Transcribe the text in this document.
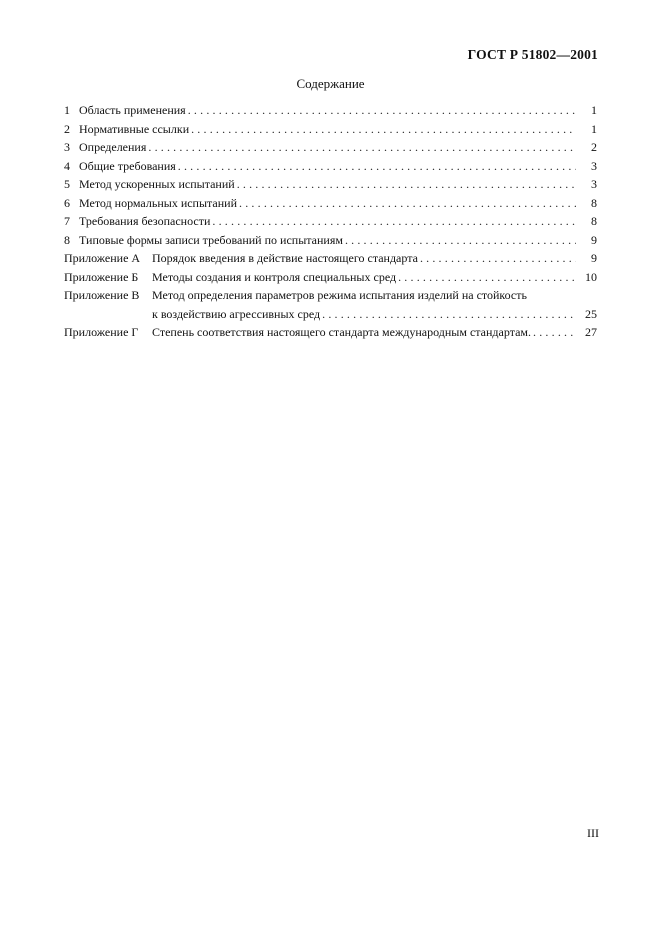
ГОСТ Р 51802—2001
Содержание
1 Область применения .....	1
2 Нормативные ссылки .....	1
3 Определения .....	2
4 Общие требования .....	3
5 Метод ускоренных испытаний .....	3
6 Метод нормальных испытаний .....	8
7 Требования безопасности .....	8
8 Типовые формы записи требований по испытаниям .....	9
Приложение А Порядок введения в действие настоящего стандарта .....	9
Приложение Б Методы создания и контроля специальных сред .....	10
Приложение В Метод определения параметров режима испытания изделий на стойкость
к воздействию агрессивных сред .....	25
Приложение Г Степень соответствия настоящего стандарта международным стандартам. .....	27
III
